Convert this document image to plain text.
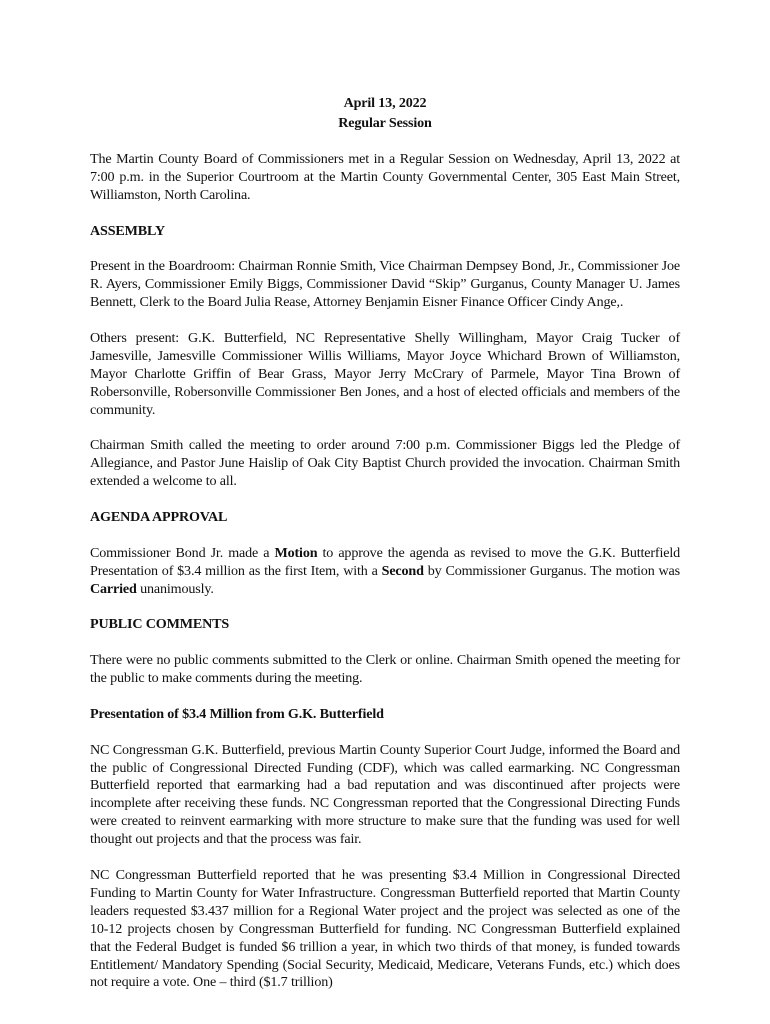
April 13, 2022
Regular Session

The Martin County Board of Commissioners met in a Regular Session on Wednesday, April 13, 2022 at 7:00 p.m. in the Superior Courtroom at the Martin County Governmental Center, 305 East Main Street, Williamston, North Carolina.

ASSEMBLY

Present in the Boardroom: Chairman Ronnie Smith, Vice Chairman Dempsey Bond, Jr., Commissioner Joe R. Ayers, Commissioner Emily Biggs, Commissioner David “Skip” Gurganus, County Manager U. James Bennett, Clerk to the Board Julia Rease, Attorney Benjamin Eisner Finance Officer Cindy Ange,.

Others present: G.K. Butterfield, NC Representative Shelly Willingham, Mayor Craig Tucker of Jamesville, Jamesville Commissioner Willis Williams, Mayor Joyce Whichard Brown of Williamston, Mayor Charlotte Griffin of Bear Grass, Mayor Jerry McCrary of Parmele, Mayor Tina Brown of Robersonville, Robersonville Commissioner Ben Jones, and a host of elected officials and members of the community.

Chairman Smith called the meeting to order around 7:00 p.m. Commissioner Biggs led the Pledge of Allegiance, and Pastor June Haislip of Oak City Baptist Church provided the invocation. Chairman Smith extended a welcome to all.

AGENDA APPROVAL

Commissioner Bond Jr. made a Motion to approve the agenda as revised to move the G.K. Butterfield Presentation of $3.4 million as the first Item, with a Second by Commissioner Gurganus. The motion was Carried unanimously.

PUBLIC COMMENTS

There were no public comments submitted to the Clerk or online. Chairman Smith opened the meeting for the public to make comments during the meeting.

Presentation of $3.4 Million from G.K. Butterfield

NC Congressman G.K. Butterfield, previous Martin County Superior Court Judge, informed the Board and the public of Congressional Directed Funding (CDF), which was called earmarking. NC Congressman Butterfield reported that earmarking had a bad reputation and was discontinued after projects were incomplete after receiving these funds. NC Congressman reported that the Congressional Directing Funds were created to reinvent earmarking with more structure to make sure that the funding was used for well thought out projects and that the process was fair.

NC Congressman Butterfield reported that he was presenting $3.4 Million in Congressional Directed Funding to Martin County for Water Infrastructure. Congressman Butterfield reported that Martin County leaders requested $3.437 million for a Regional Water project and the project was selected as one of the 10-12 projects chosen by Congressman Butterfield for funding. NC Congressman Butterfield explained that the Federal Budget is funded $6 trillion a year, in which two thirds of that money, is funded towards Entitlement/ Mandatory Spending (Social Security, Medicaid, Medicare, Veterans Funds, etc.) which does not require a vote. One – third ($1.7 trillion)
